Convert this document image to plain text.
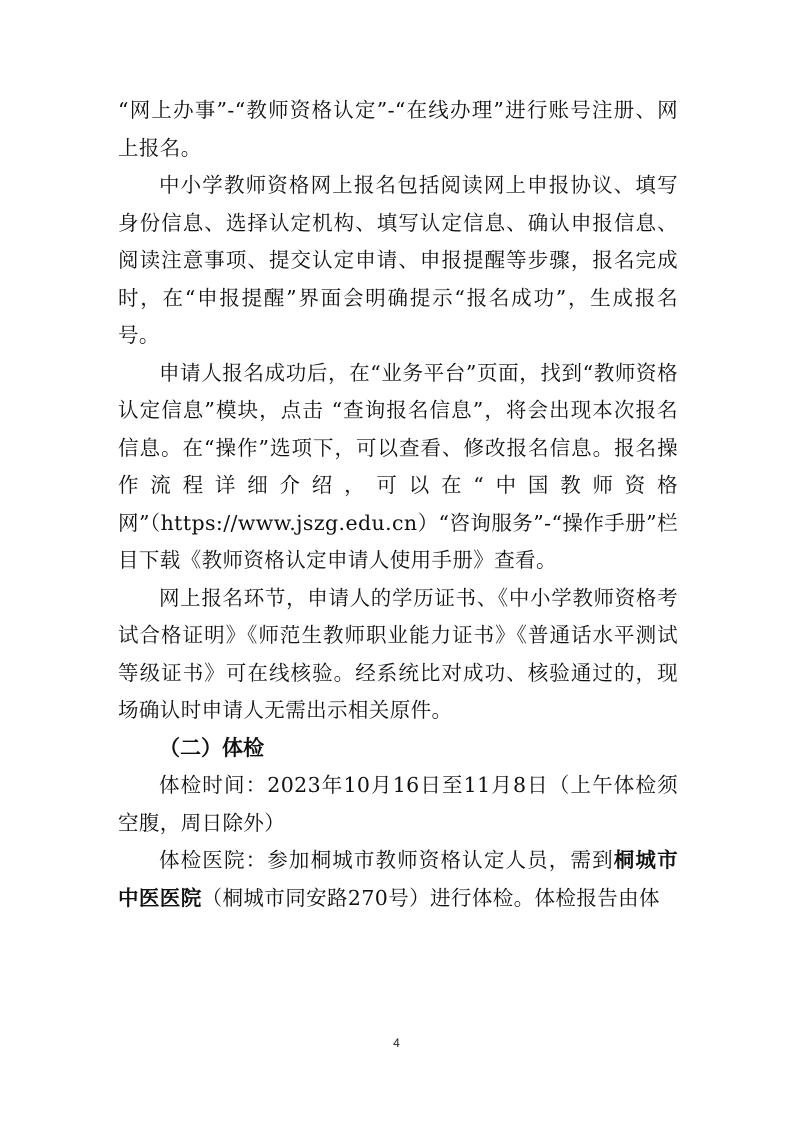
“网上办事”-“教师资格认定”-“在线办理”进行账号注册、网上报名。

中小学教师资格网上报名包括阅读网上申报协议、填写身份信息、选择认定机构、填写认定信息、确认申报信息、阅读注意事项、提交认定申请、申报提醒等步骤，报名完成时，在“申报提醒”界面会明确提示“报名成功”，生成报名号。

申请人报名成功后，在“业务平台”页面，找到“教师资格认定信息”模块，点击 “查询报名信息”，将会出现本次报名信息。在“操作”选项下，可以查看、修改报名信息。报名操作流程详细介绍，可以在“中国教师资格网”（https://www.jszg.edu.cn）“咨询服务”-“操作手册”栏目下载《教师资格认定申请人使用手册》查看。

网上报名环节，申请人的学历证书、《中小学教师资格考试合格证明》《师范生教师职业能力证书》《普通话水平测试等级证书》可在线核验。经系统比对成功、核验通过的，现场确认时申请人无需出示相关原件。

（二）体检

体检时间：2023年10月16日至11月8日（上午体检须空腹，周日除外）

体检医院：参加桐城市教师资格认定人员，需到桐城市中医医院（桐城市同安路270号）进行体检。体检报告由体

4
